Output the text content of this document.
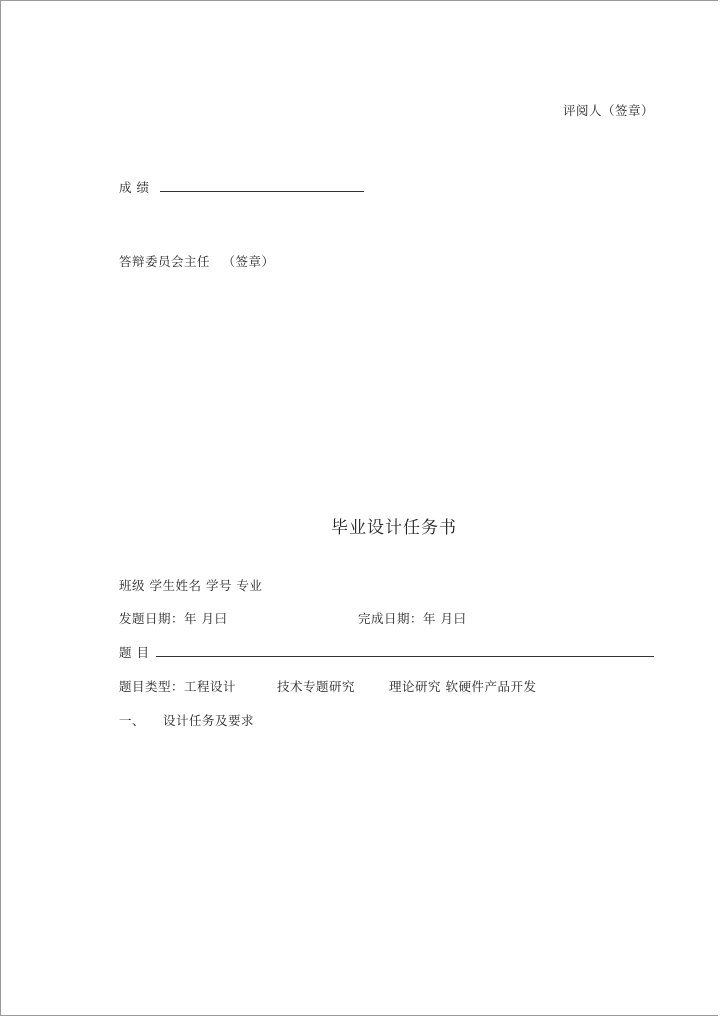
评阅人（签章）
成 绩
答辩委员会主任 （签章）
毕业设计任务书
班级 学生姓名 学号 专业
发题日期：年 月曰	完成日期：年 月曰
题 目
题目类型：工程设计	技术专题研究	理论研究 软硬件产品开发
一、 设计任务及要求
